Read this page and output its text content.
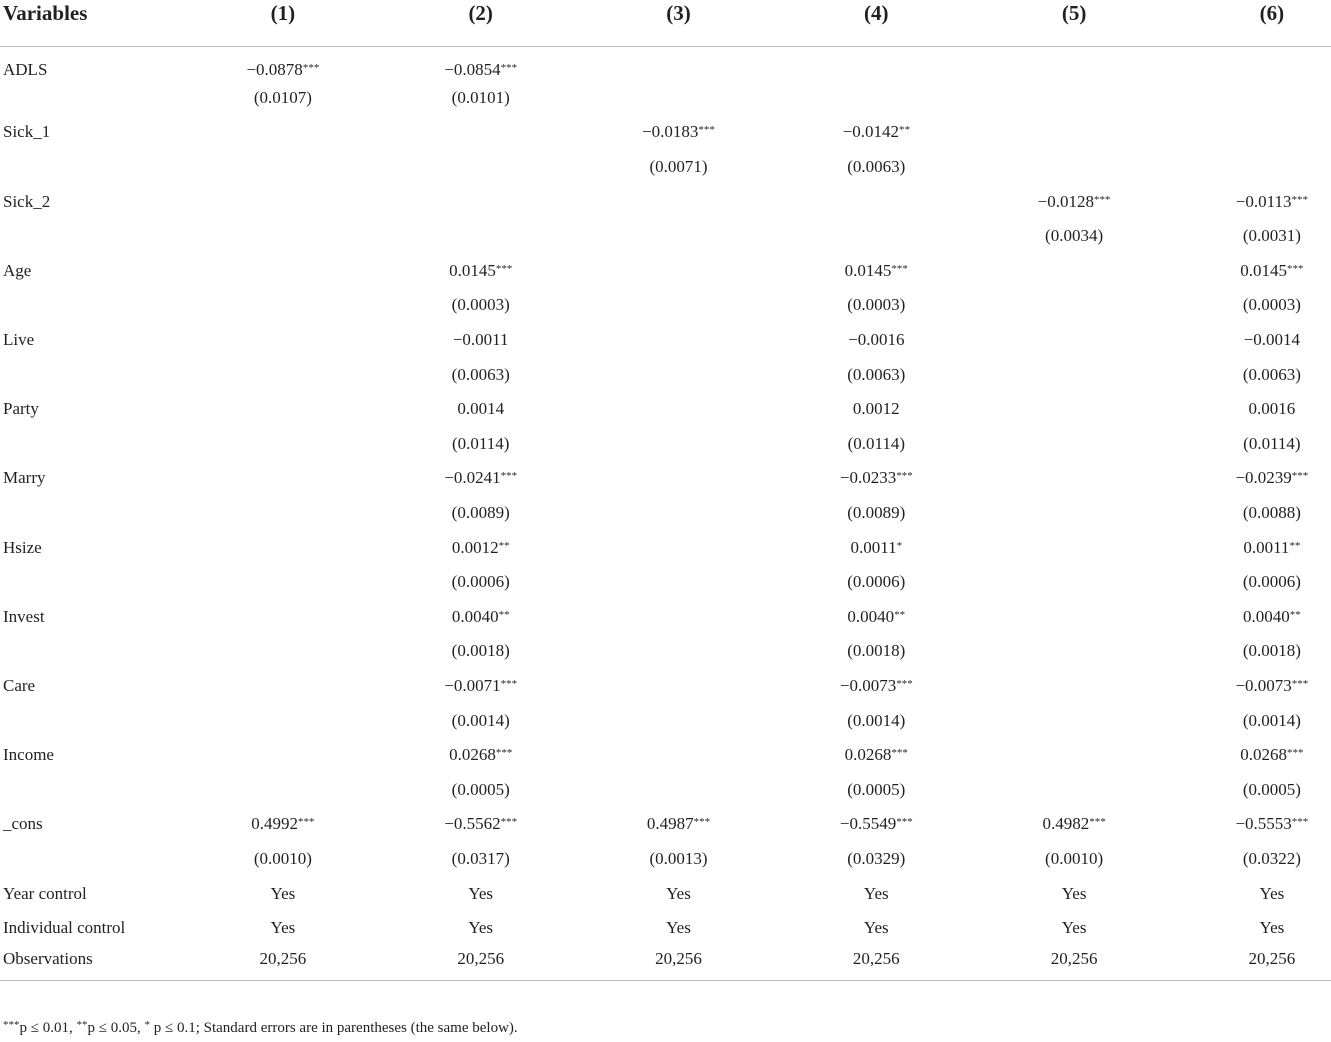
Variables	(1)	(2)	(3)	(4)	(5)	(6)
ADLS	−0.0878***	−0.0854***				
	(0.0107)	(0.0101)				
Sick_1			−0.0183***	−0.0142**		
			(0.0071)	(0.0063)		
Sick_2					−0.0128***	−0.0113***
					(0.0034)	(0.0031)
Age		0.0145***		0.0145***		0.0145***
		(0.0003)		(0.0003)		(0.0003)
Live		−0.0011		−0.0016		−0.0014
		(0.0063)		(0.0063)		(0.0063)
Party		0.0014		0.0012		0.0016
		(0.0114)		(0.0114)		(0.0114)
Marry		−0.0241***		−0.0233***		−0.0239***
		(0.0089)		(0.0089)		(0.0088)
Hsize		0.0012**		0.0011*		0.0011**
		(0.0006)		(0.0006)		(0.0006)
Invest		0.0040**		0.0040**		0.0040**
		(0.0018)		(0.0018)		(0.0018)
Care		−0.0071***		−0.0073***		−0.0073***
		(0.0014)		(0.0014)		(0.0014)
Income		0.0268***		0.0268***		0.0268***
		(0.0005)		(0.0005)		(0.0005)
_cons	0.4992***	−0.5562***	0.4987***	−0.5549***	0.4982***	−0.5553***
	(0.0010)	(0.0317)	(0.0013)	(0.0329)	(0.0010)	(0.0322)
Year control	Yes	Yes	Yes	Yes	Yes	Yes
Individual control	Yes	Yes	Yes	Yes	Yes	Yes
Observations	20,256	20,256	20,256	20,256	20,256	20,256
***p ≤ 0.01, **p ≤ 0.05, * p ≤ 0.1; Standard errors are in parentheses (the same below).
